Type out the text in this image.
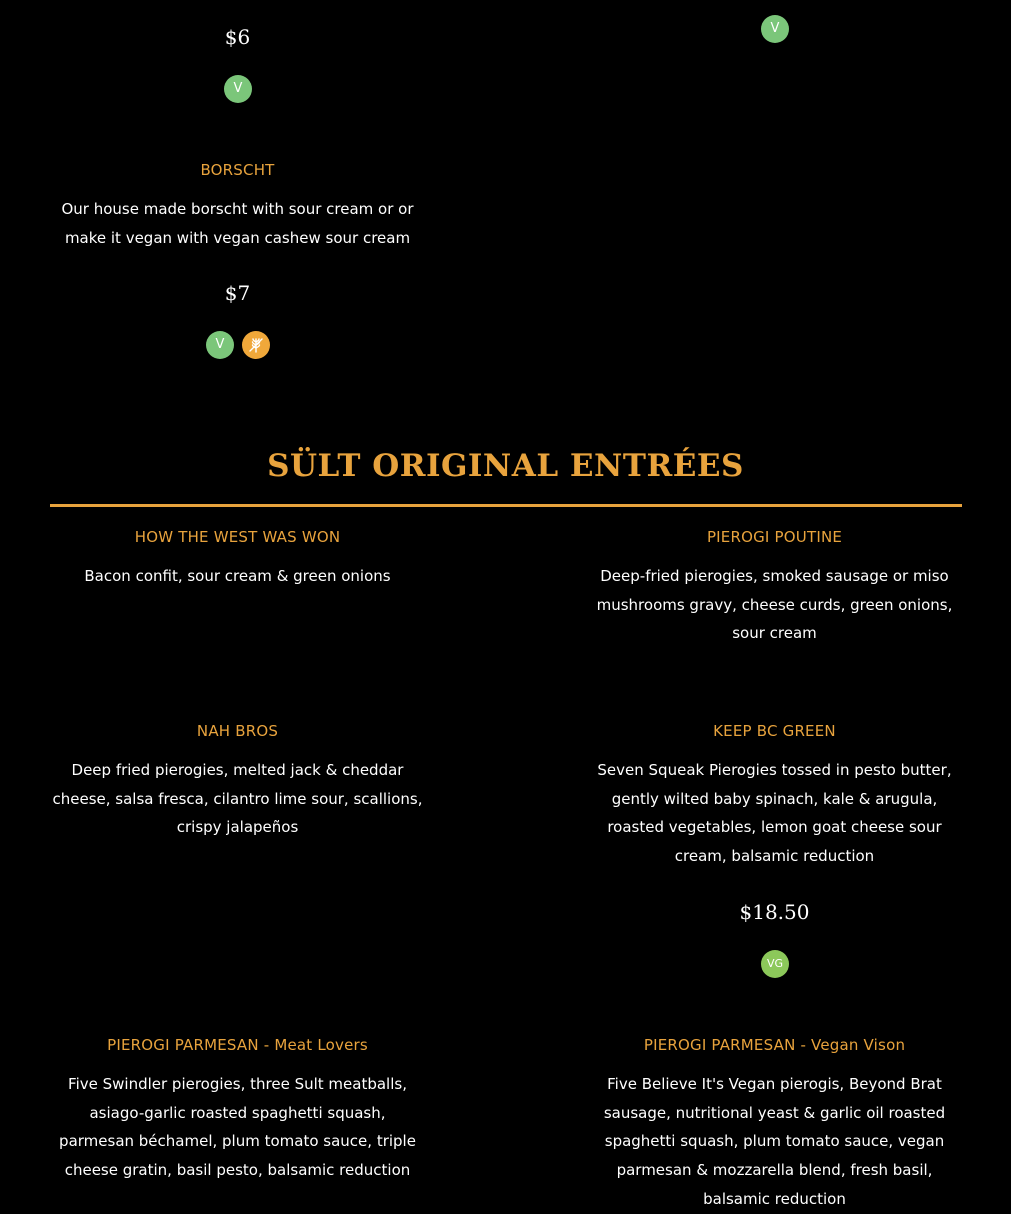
$6
V
V
BORSCHT
Our house made borscht with sour cream or or make it vegan with vegan cashew sour cream
$7
V
SÜLT ORIGINAL ENTRÉES
HOW THE WEST WAS WON
Bacon confit, sour cream & green onions
PIEROGI POUTINE
Deep-fried pierogies, smoked sausage or miso mushrooms gravy, cheese curds, green onions, sour cream
NAH BROS
Deep fried pierogies, melted jack & cheddar cheese, salsa fresca, cilantro lime sour, scallions, crispy jalapeños
KEEP BC GREEN
Seven Squeak Pierogies tossed in pesto butter, gently wilted baby spinach, kale & arugula, roasted vegetables, lemon goat cheese sour cream, balsamic reduction
$18.50
VG
PIEROGI PARMESAN - Meat Lovers
Five Swindler pierogies, three Sult meatballs, asiago-garlic roasted spaghetti squash, parmesan béchamel, plum tomato sauce, triple cheese gratin, basil pesto, balsamic reduction
PIEROGI PARMESAN - Vegan Vison
Five Believe It's Vegan pierogis, Beyond Brat sausage, nutritional yeast & garlic oil roasted spaghetti squash, plum tomato sauce, vegan parmesan & mozzarella blend, fresh basil, balsamic reduction
